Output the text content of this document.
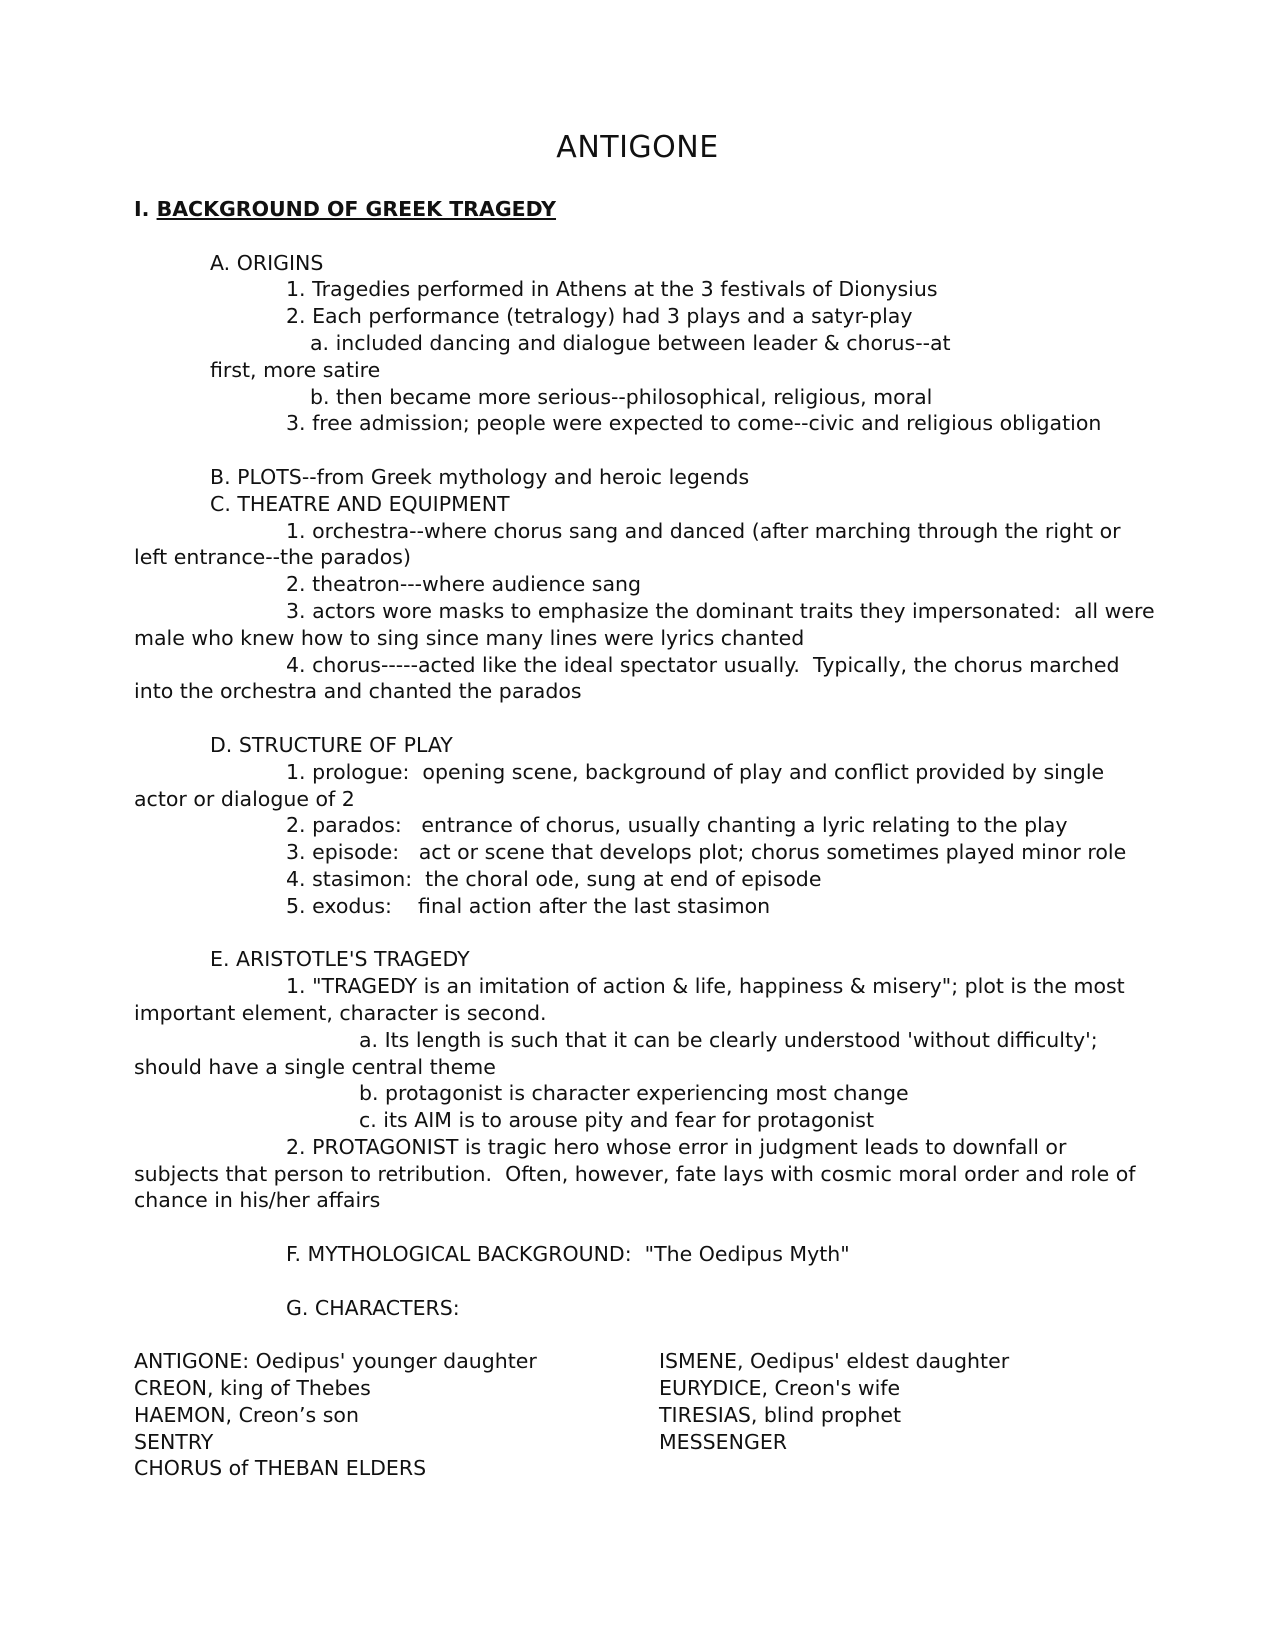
ANTIGONE
I. BACKGROUND OF GREEK TRAGEDY
A. ORIGINS
1. Tragedies performed in Athens at the 3 festivals of Dionysius
2. Each performance (tetralogy) had 3 plays and a satyr-play
a. included dancing and dialogue between leader & chorus--at
first, more satire
b. then became more serious--philosophical, religious, moral
3. free admission; people were expected to come--civic and religious obligation
B. PLOTS--from Greek mythology and heroic legends
C. THEATRE AND EQUIPMENT
1. orchestra--where chorus sang and danced (after marching through the right or
left entrance--the parados)
2. theatron---where audience sang
3. actors wore masks to emphasize the dominant traits they impersonated:  all were
male who knew how to sing since many lines were lyrics chanted
4. chorus-----acted like the ideal spectator usually.  Typically, the chorus marched
into the orchestra and chanted the parados
D. STRUCTURE OF PLAY
1. prologue:  opening scene, background of play and conflict provided by single
actor or dialogue of 2
2. parados:   entrance of chorus, usually chanting a lyric relating to the play
3. episode:   act or scene that develops plot; chorus sometimes played minor role
4. stasimon:  the choral ode, sung at end of episode
5. exodus:    final action after the last stasimon
E. ARISTOTLE'S TRAGEDY
1. "TRAGEDY is an imitation of action & life, happiness & misery"; plot is the most
important element, character is second.
a. Its length is such that it can be clearly understood 'without difficulty';
should have a single central theme
b. protagonist is character experiencing most change
c. its AIM is to arouse pity and fear for protagonist
2. PROTAGONIST is tragic hero whose error in judgment leads to downfall or
subjects that person to retribution.  Often, however, fate lays with cosmic moral order and role of
chance in his/her affairs
F. MYTHOLOGICAL BACKGROUND:  "The Oedipus Myth"
G. CHARACTERS:
ANTIGONE: Oedipus' younger daughter
CREON, king of Thebes
HAEMON, Creon’s son
SENTRY
CHORUS of THEBAN ELDERS
ISMENE, Oedipus' eldest daughter
EURYDICE, Creon's wife
TIRESIAS, blind prophet
MESSENGER
